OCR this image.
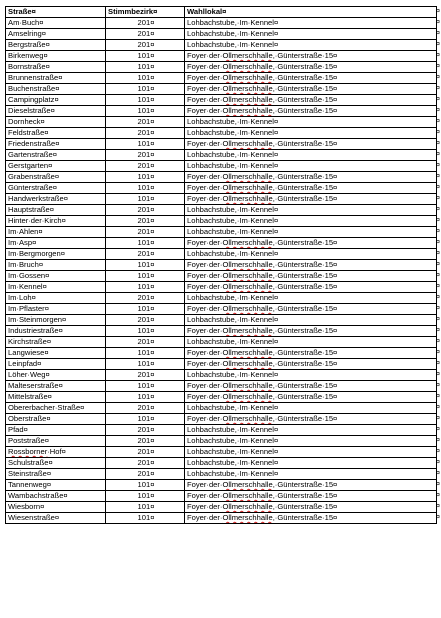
Straße¤	Stimmbezirk¤	Wahllokal¤
Am·Buch¤	201¤	Lohbachstube,·Im·Kennel¤
Amselring¤	201¤	Lohbachstube,·Im·Kennel¤
Bergstraße¤	201¤	Lohbachstube,·Im·Kennel¤
Birkenweg¤	101¤	Foyer·der·Ollmerschhalle,·Günterstraße·15¤
Bornstraße¤	101¤	Foyer·der·Ollmerschhalle,·Günterstraße·15¤
Brunnenstraße¤	101¤	Foyer·der·Ollmerschhalle,·Günterstraße·15¤
Buchenstraße¤	101¤	Foyer·der·Ollmerschhalle,·Günterstraße·15¤
Campingplatz¤	101¤	Foyer·der·Ollmerschhalle,·Günterstraße·15¤
Dieselstraße¤	101¤	Foyer·der·Ollmerschhalle,·Günterstraße·15¤
Dornheck¤	201¤	Lohbachstube,·Im·Kennel¤
Feldstraße¤	201¤	Lohbachstube,·Im·Kennel¤
Friedenstraße¤	101¤	Foyer·der·Ollmerschhalle,·Günterstraße·15¤
Gartenstraße¤	201¤	Lohbachstube,·Im·Kennel¤
Gerstgarten¤	201¤	Lohbachstube,·Im·Kennel¤
Grabenstraße¤	101¤	Foyer·der·Ollmerschhalle,·Günterstraße·15¤
Günterstraße¤	101¤	Foyer·der·Ollmerschhalle,·Günterstraße·15¤
Handwerkstraße¤	101¤	Foyer·der·Ollmerschhalle,·Günterstraße·15¤
Hauptstraße¤	201¤	Lohbachstube,·Im·Kennel¤
Hinter·der·Kirch¤	201¤	Lohbachstube,·Im·Kennel¤
Im·Ahlen¤	201¤	Lohbachstube,·Im·Kennel¤
Im·Asp¤	101¤	Foyer·der·Ollmerschhalle,·Günterstraße·15¤
Im·Bergmorgen¤	201¤	Lohbachstube,·Im·Kennel¤
Im·Bruch¤	101¤	Foyer·der·Ollmerschhalle,·Günterstraße·15¤
Im·Gossen¤	101¤	Foyer·der·Ollmerschhalle,·Günterstraße·15¤
Im·Kennel¤	101¤	Foyer·der·Ollmerschhalle,·Günterstraße·15¤
Im·Loh¤	201¤	Lohbachstube,·Im·Kennel¤
Im·Pflaster¤	101¤	Foyer·der·Ollmerschhalle,·Günterstraße·15¤
Im·Steinmorgen¤	201¤	Lohbachstube,·Im·Kennel¤
Industriestraße¤	101¤	Foyer·der·Ollmerschhalle,·Günterstraße·15¤
Kirchstraße¤	201¤	Lohbachstube,·Im·Kennel¤
Langwiese¤	101¤	Foyer·der·Ollmerschhalle,·Günterstraße·15¤
Leinpfad¤	101¤	Foyer·der·Ollmerschhalle,·Günterstraße·15¤
Löher·Weg¤	201¤	Lohbachstube,·Im·Kennel¤
Malteserstraße¤	101¤	Foyer·der·Ollmerschhalle,·Günterstraße·15¤
Mittelstraße¤	101¤	Foyer·der·Ollmerschhalle,·Günterstraße·15¤
Obererbacher·Straße¤	201¤	Lohbachstube,·Im·Kennel¤
Oberstraße¤	101¤	Foyer·der·Ollmerschhalle,·Günterstraße·15¤
Pfad¤	201¤	Lohbachstube,·Im·Kennel¤
Poststraße¤	201¤	Lohbachstube,·Im·Kennel¤
Rossborner·Hof¤	201¤	Lohbachstube,·Im·Kennel¤
Schulstraße¤	201¤	Lohbachstube,·Im·Kennel¤
Steinstraße¤	201¤	Lohbachstube,·Im·Kennel¤
Tannenweg¤	101¤	Foyer·der·Ollmerschhalle,·Günterstraße·15¤
Wambachstraße¤	101¤	Foyer·der·Ollmerschhalle,·Günterstraße·15¤
Wiesborn¤	101¤	Foyer·der·Ollmerschhalle,·Günterstraße·15¤
Wiesenstraße¤	101¤	Foyer·der·Ollmerschhalle,·Günterstraße·15¤
¤
¤
¤
¤
¤
¤
¤
¤
¤
¤
¤
¤
¤
¤
¤
¤
¤
¤
¤
¤
¤
¤
¤
¤
¤
¤
¤
¤
¤
¤
¤
¤
¤
¤
¤
¤
¤
¤
¤
¤
¤
¤
¤
¤
¤
¤
¤
